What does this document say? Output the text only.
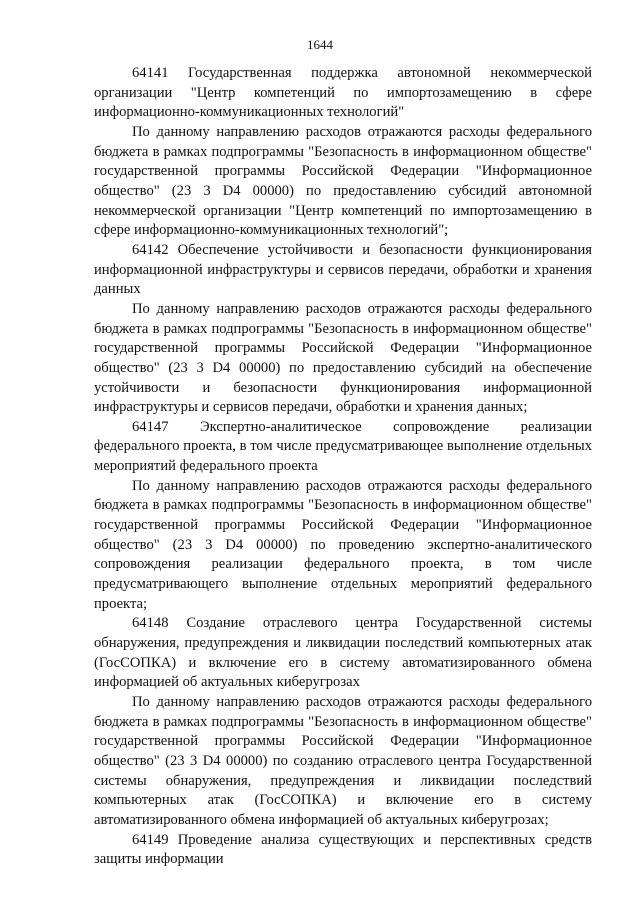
1644

64141 Государственная поддержка автономной некоммерческой организации "Центр компетенций по импортозамещению в сфере информационно-коммуникационных технологий"

По данному направлению расходов отражаются расходы федерального бюджета в рамках подпрограммы "Безопасность в информационном обществе" государственной программы Российской Федерации "Информационное общество" (23 3 D4 00000) по предоставлению субсидий автономной некоммерческой организации "Центр компетенций по импортозамещению в сфере информационно-коммуникационных технологий";

64142 Обеспечение устойчивости и безопасности функционирования информационной инфраструктуры и сервисов передачи, обработки и хранения данных

По данному направлению расходов отражаются расходы федерального бюджета в рамках подпрограммы "Безопасность в информационном обществе" государственной программы Российской Федерации "Информационное общество" (23 3 D4 00000) по предоставлению субсидий на обеспечение устойчивости и безопасности функционирования информационной инфраструктуры и сервисов передачи, обработки и хранения данных;

64147 Экспертно-аналитическое сопровождение реализации федерального проекта, в том числе предусматривающее выполнение отдельных мероприятий федерального проекта

По данному направлению расходов отражаются расходы федерального бюджета в рамках подпрограммы "Безопасность в информационном обществе" государственной программы Российской Федерации "Информационное общество" (23 3 D4 00000) по проведению экспертно-аналитического сопровождения реализации федерального проекта, в том числе предусматривающего выполнение отдельных мероприятий федерального проекта;

64148 Создание отраслевого центра Государственной системы обнаружения, предупреждения и ликвидации последствий компьютерных атак (ГосСОПКА) и включение его в систему автоматизированного обмена информацией об актуальных киберугрозах

По данному направлению расходов отражаются расходы федерального бюджета в рамках подпрограммы "Безопасность в информационном обществе" государственной программы Российской Федерации "Информационное общество" (23 3 D4 00000) по созданию отраслевого центра Государственной системы обнаружения, предупреждения и ликвидации последствий компьютерных атак (ГосСОПКА) и включение его в систему автоматизированного обмена информацией об актуальных киберугрозах;

64149 Проведение анализа существующих и перспективных средств защиты информации
